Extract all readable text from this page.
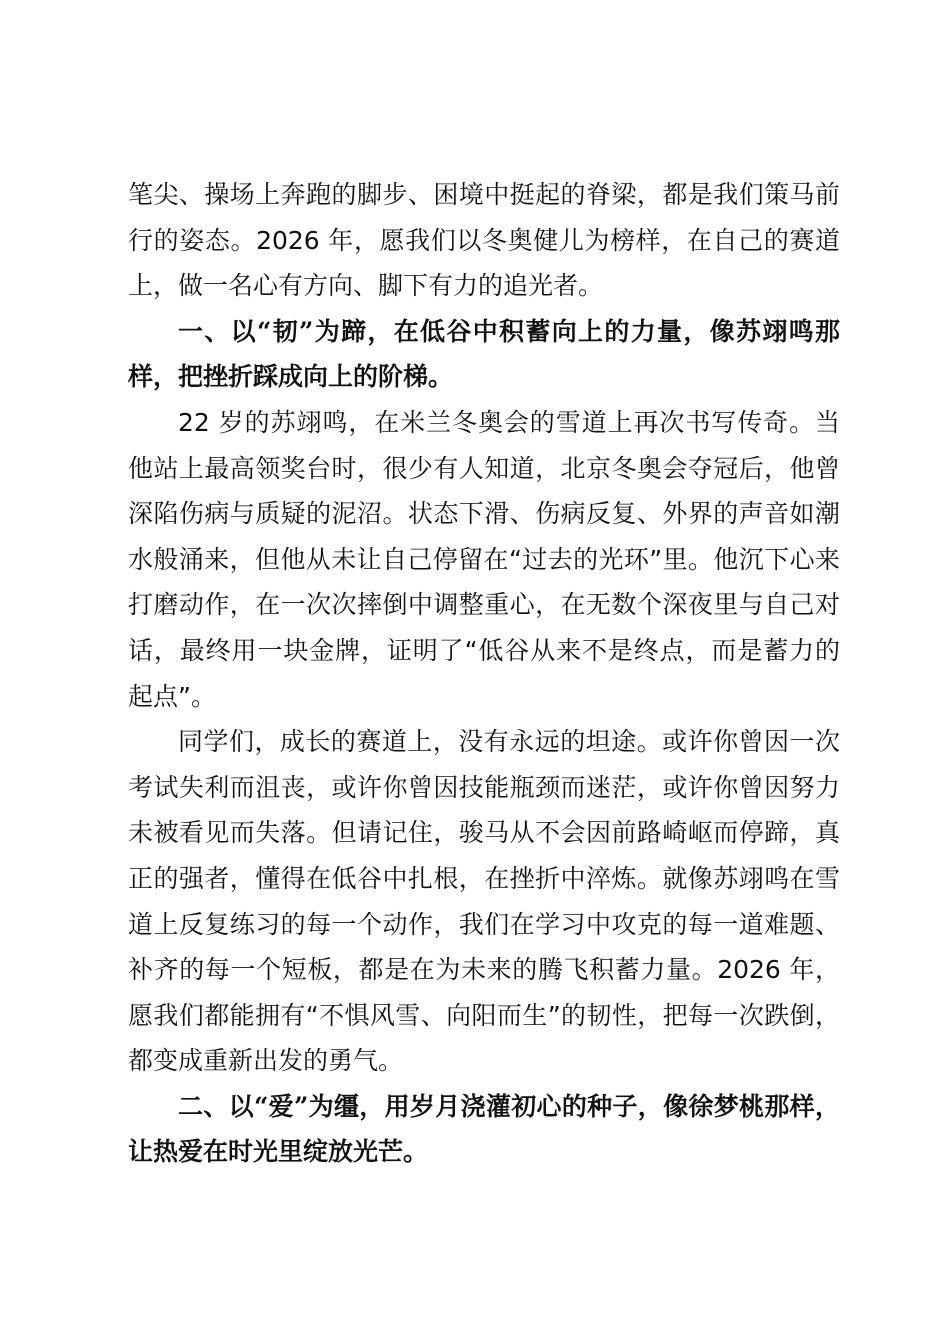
笔尖、操场上奔跑的脚步、困境中挺起的脊梁，都是我们策马前行的姿态。2026 年，愿我们以冬奥健儿为榜样，在自己的赛道上，做一名心有方向、脚下有力的追光者。

一、以“韧”为蹄，在低谷中积蓄向上的力量，像苏翊鸣那样，把挫折踩成向上的阶梯。

22 岁的苏翊鸣，在米兰冬奥会的雪道上再次书写传奇。当他站上最高领奖台时，很少有人知道，北京冬奥会夺冠后，他曾深陷伤病与质疑的泥沼。状态下滑、伤病反复、外界的声音如潮水般涌来，但他从未让自己停留在“过去的光环”里。他沉下心来打磨动作，在一次次摔倒中调整重心，在无数个深夜里与自己对话，最终用一块金牌，证明了“低谷从来不是终点，而是蓄力的起点”。

同学们，成长的赛道上，没有永远的坦途。或许你曾因一次考试失利而沮丧，或许你曾因技能瓶颈而迷茫，或许你曾因努力未被看见而失落。但请记住，骏马从不会因前路崎岖而停蹄，真正的强者，懂得在低谷中扎根，在挫折中淬炼。就像苏翊鸣在雪道上反复练习的每一个动作，我们在学习中攻克的每一道难题、补齐的每一个短板，都是在为未来的腾飞积蓄力量。2026 年，愿我们都能拥有“不惧风雪、向阳而生”的韧性，把每一次跌倒，都变成重新出发的勇气。

二、以“爱”为缰，用岁月浇灌初心的种子，像徐梦桃那样，让热爱在时光里绽放光芒。
